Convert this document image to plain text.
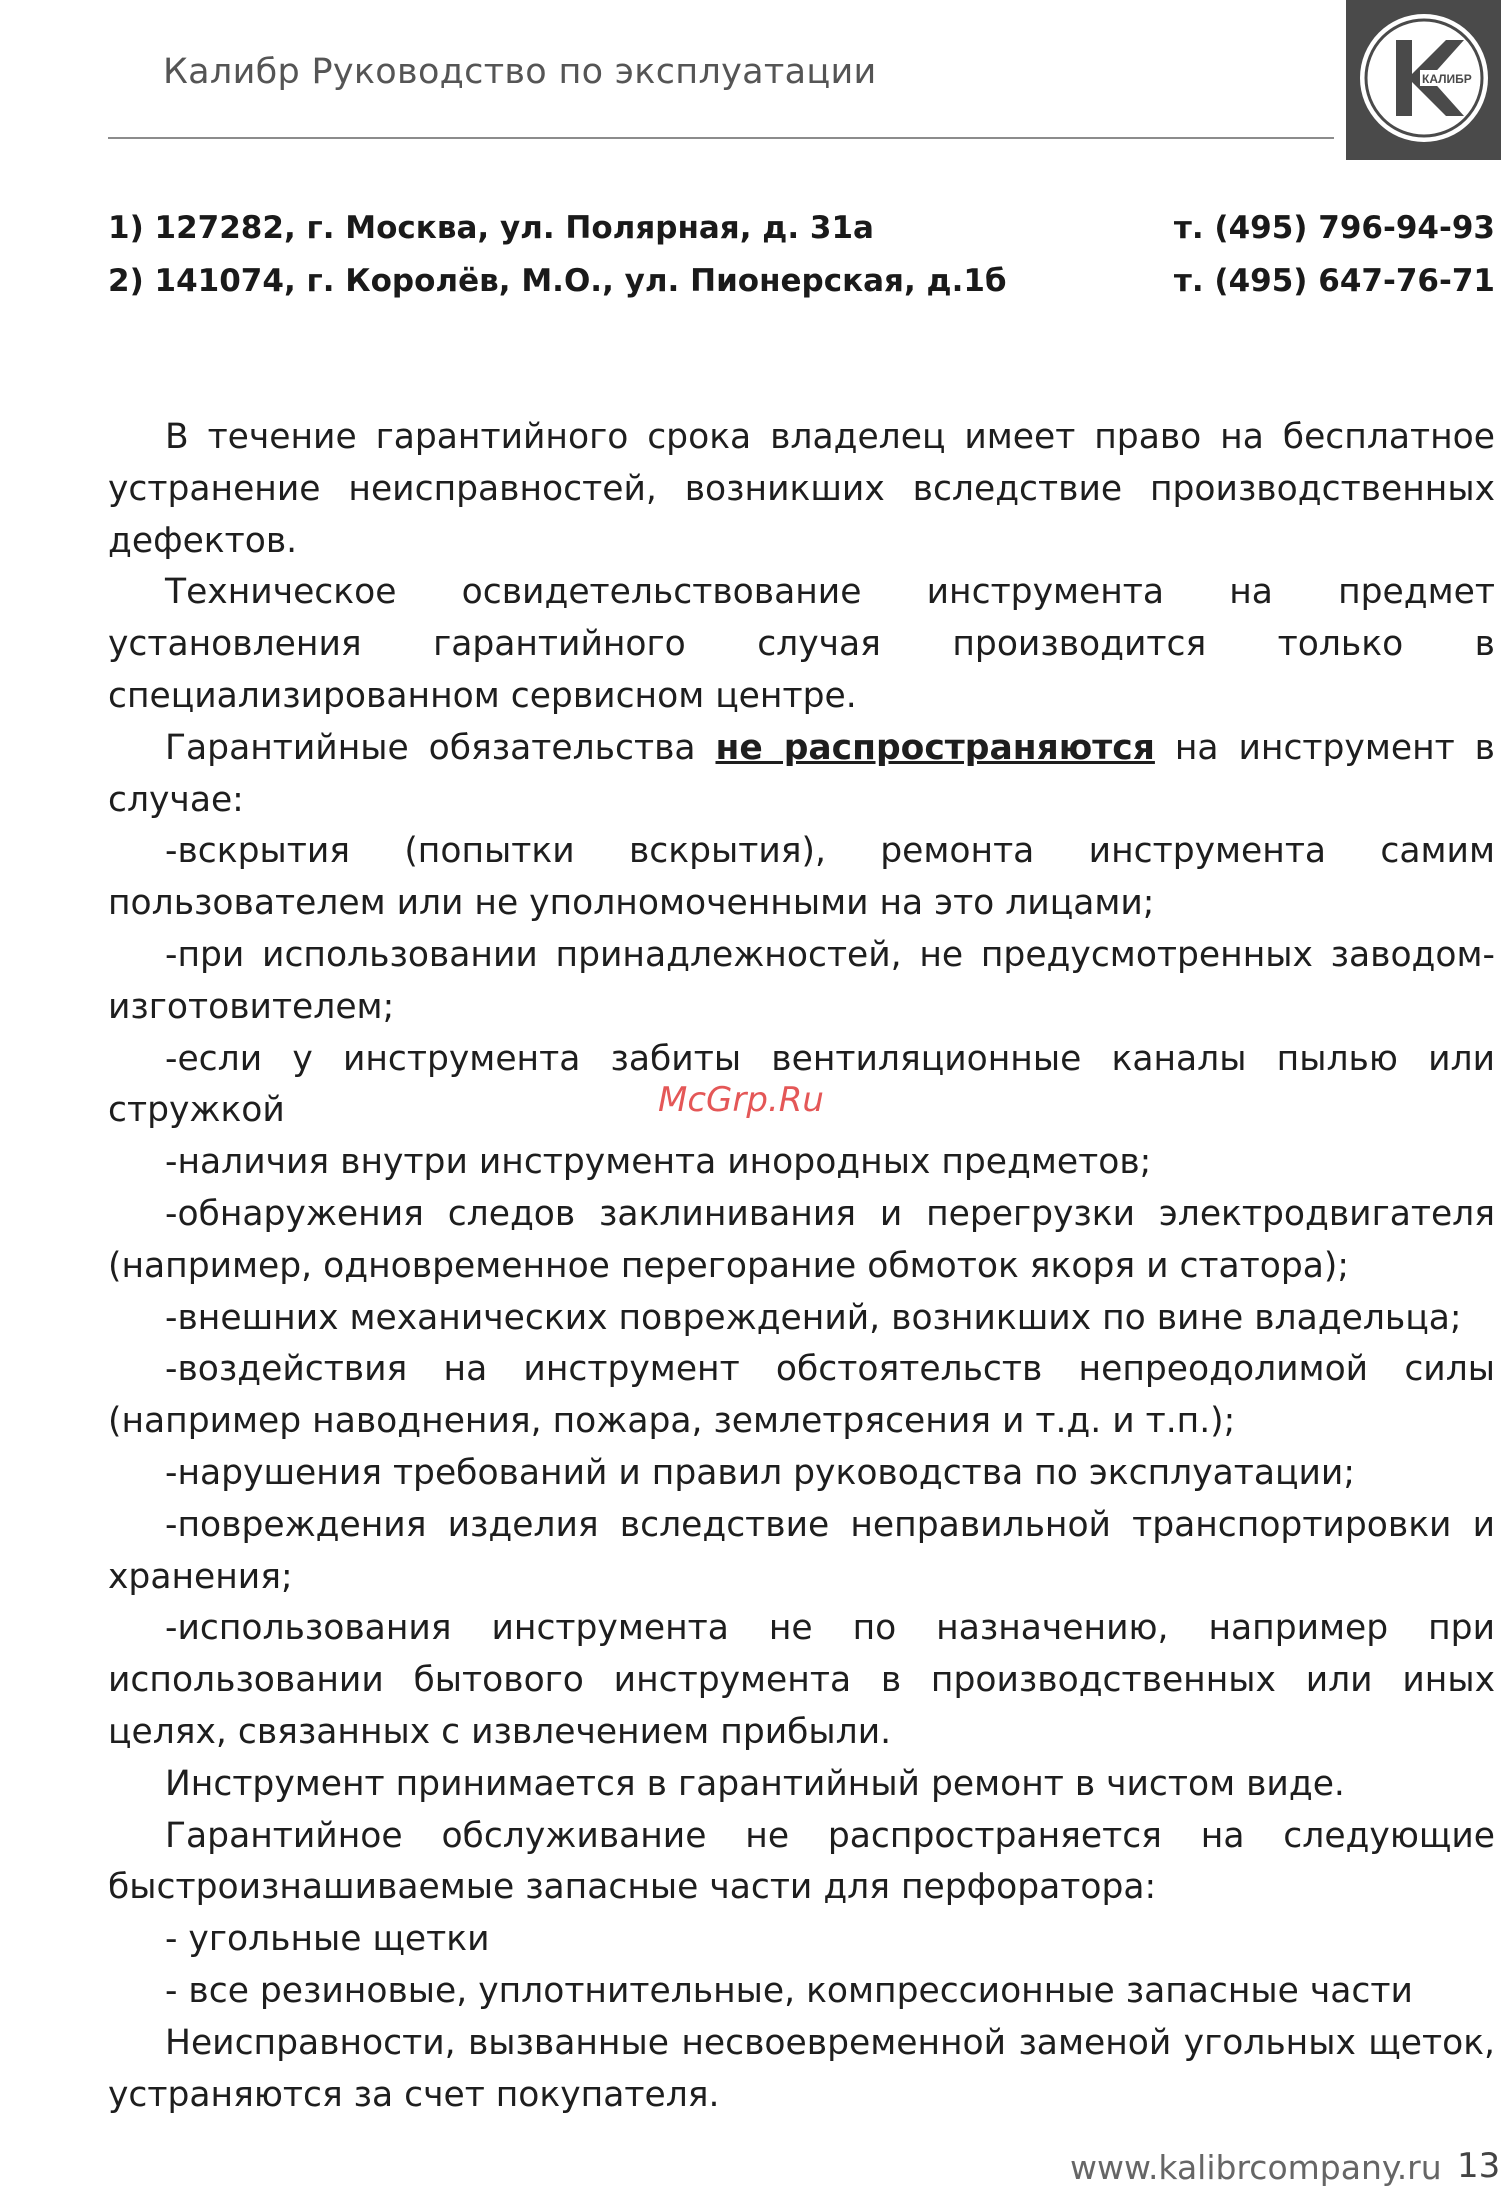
Калибр Руководство по эксплуатации	КАЛИБР
1) 127282, г. Москва, ул. Полярная, д. 31а	т. (495) 796-94-93
2) 141074, г. Королёв, М.О., ул. Пионерская, д.1б	т. (495) 647-76-71

В течение гарантийного срока владелец имеет право на бесплатное устранение неисправностей, возникших вследствие производственных дефектов.

Техническое освидетельствование инструмента на предмет установления гарантийного случая производится только в специализированном сервисном центре.

Гарантийные обязательства не распространяются на инструмент в случае:

-вскрытия (попытки вскрытия), ремонта инструмента самим пользователем или не уполномоченными на это лицами;

-при использовании принадлежностей, не предусмотренных заводом-изготовителем;

-если у инструмента забиты вентиляционные каналы пылью или стружкой

-наличия внутри инструмента инородных предметов;

-обнаружения следов заклинивания и перегрузки электродвигателя (например, одновременное перегорание обмоток якоря и статора);

-внешних механических повреждений, возникших по вине владельца;

-воздействия на инструмент обстоятельств непреодолимой силы (например наводнения, пожара, землетрясения и т.д. и т.п.);

-нарушения требований и правил руководства по эксплуатации;

-повреждения изделия вследствие неправильной транспортировки и хранения;

-использования инструмента не по назначению, например при использовании бытового инструмента в производственных или иных целях, связанных с извлечением прибыли.

Инструмент принимается в гарантийный ремонт в чистом виде.

Гарантийное обслуживание не распространяется на следующие быстроизнашиваемые запасные части для перфоратора:

- угольные щетки

- все резиновые, уплотнительные, компрессионные запасные части

Неисправности, вызванные несвоевременной заменой угольных щеток, устраняются за счет покупателя.

McGrp.Ru
www.kalibrcompany.ru 13
